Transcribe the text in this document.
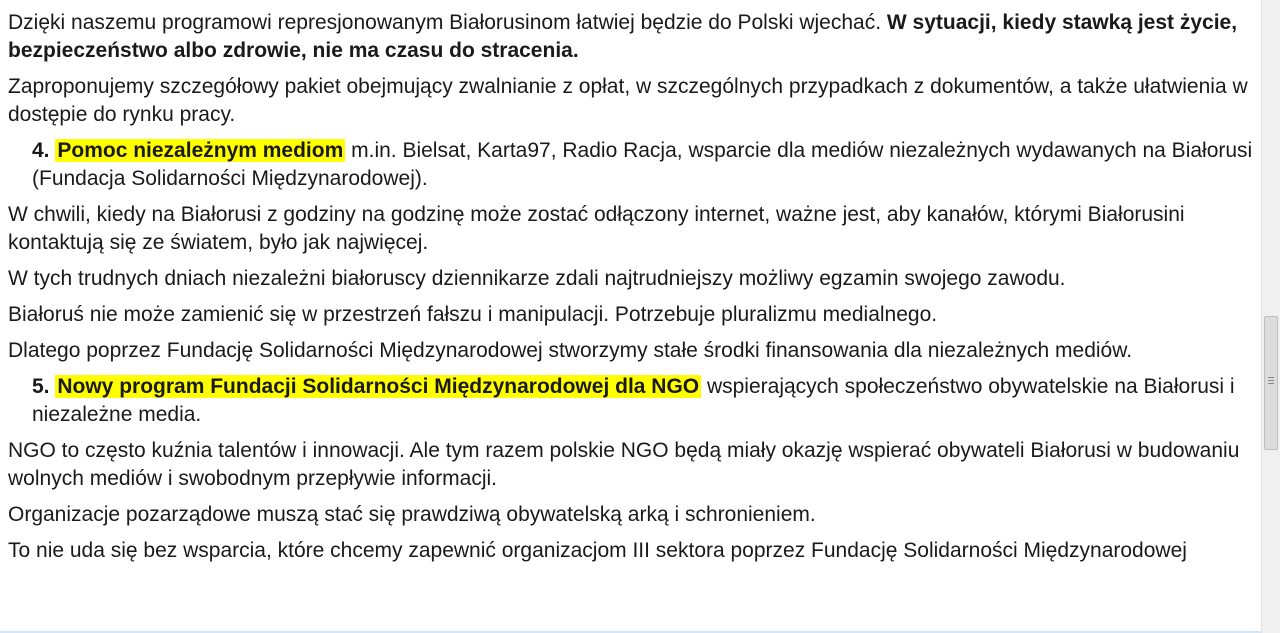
Dzięki naszemu programowi represjonowanym Białorusinom łatwiej będzie do Polski wjechać. W sytuacji, kiedy stawką jest życie, bezpieczeństwo albo zdrowie, nie ma czasu do stracenia.

Zaproponujemy szczegółowy pakiet obejmujący zwalnianie z opłat, w szczególnych przypadkach z dokumentów, a także ułatwienia w dostępie do rynku pracy.

4. Pomoc niezależnym mediom m.in. Bielsat, Karta97, Radio Racja, wsparcie dla mediów niezależnych wydawanych na Białorusi (Fundacja Solidarności Międzynarodowej).

W chwili, kiedy na Białorusi z godziny na godzinę może zostać odłączony internet, ważne jest, aby kanałów, którymi Białorusini kontaktują się ze światem, było jak najwięcej.

W tych trudnych dniach niezależni białoruscy dziennikarze zdali najtrudniejszy możliwy egzamin swojego zawodu.

Białoruś nie może zamienić się w przestrzeń fałszu i manipulacji. Potrzebuje pluralizmu medialnego.

Dlatego poprzez Fundację Solidarności Międzynarodowej stworzymy stałe środki finansowania dla niezależnych mediów.

5. Nowy program Fundacji Solidarności Międzynarodowej dla NGO wspierających społeczeństwo obywatelskie na Białorusi i niezależne media.

NGO to często kuźnia talentów i innowacji. Ale tym razem polskie NGO będą miały okazję wspierać obywateli Białorusi w budowaniu wolnych mediów i swobodnym przepływie informacji.

Organizacje pozarządowe muszą stać się prawdziwą obywatelską arką i schronieniem.

To nie uda się bez wsparcia, które chcemy zapewnić organizacjom III sektora poprzez Fundację Solidarności Międzynarodowej
